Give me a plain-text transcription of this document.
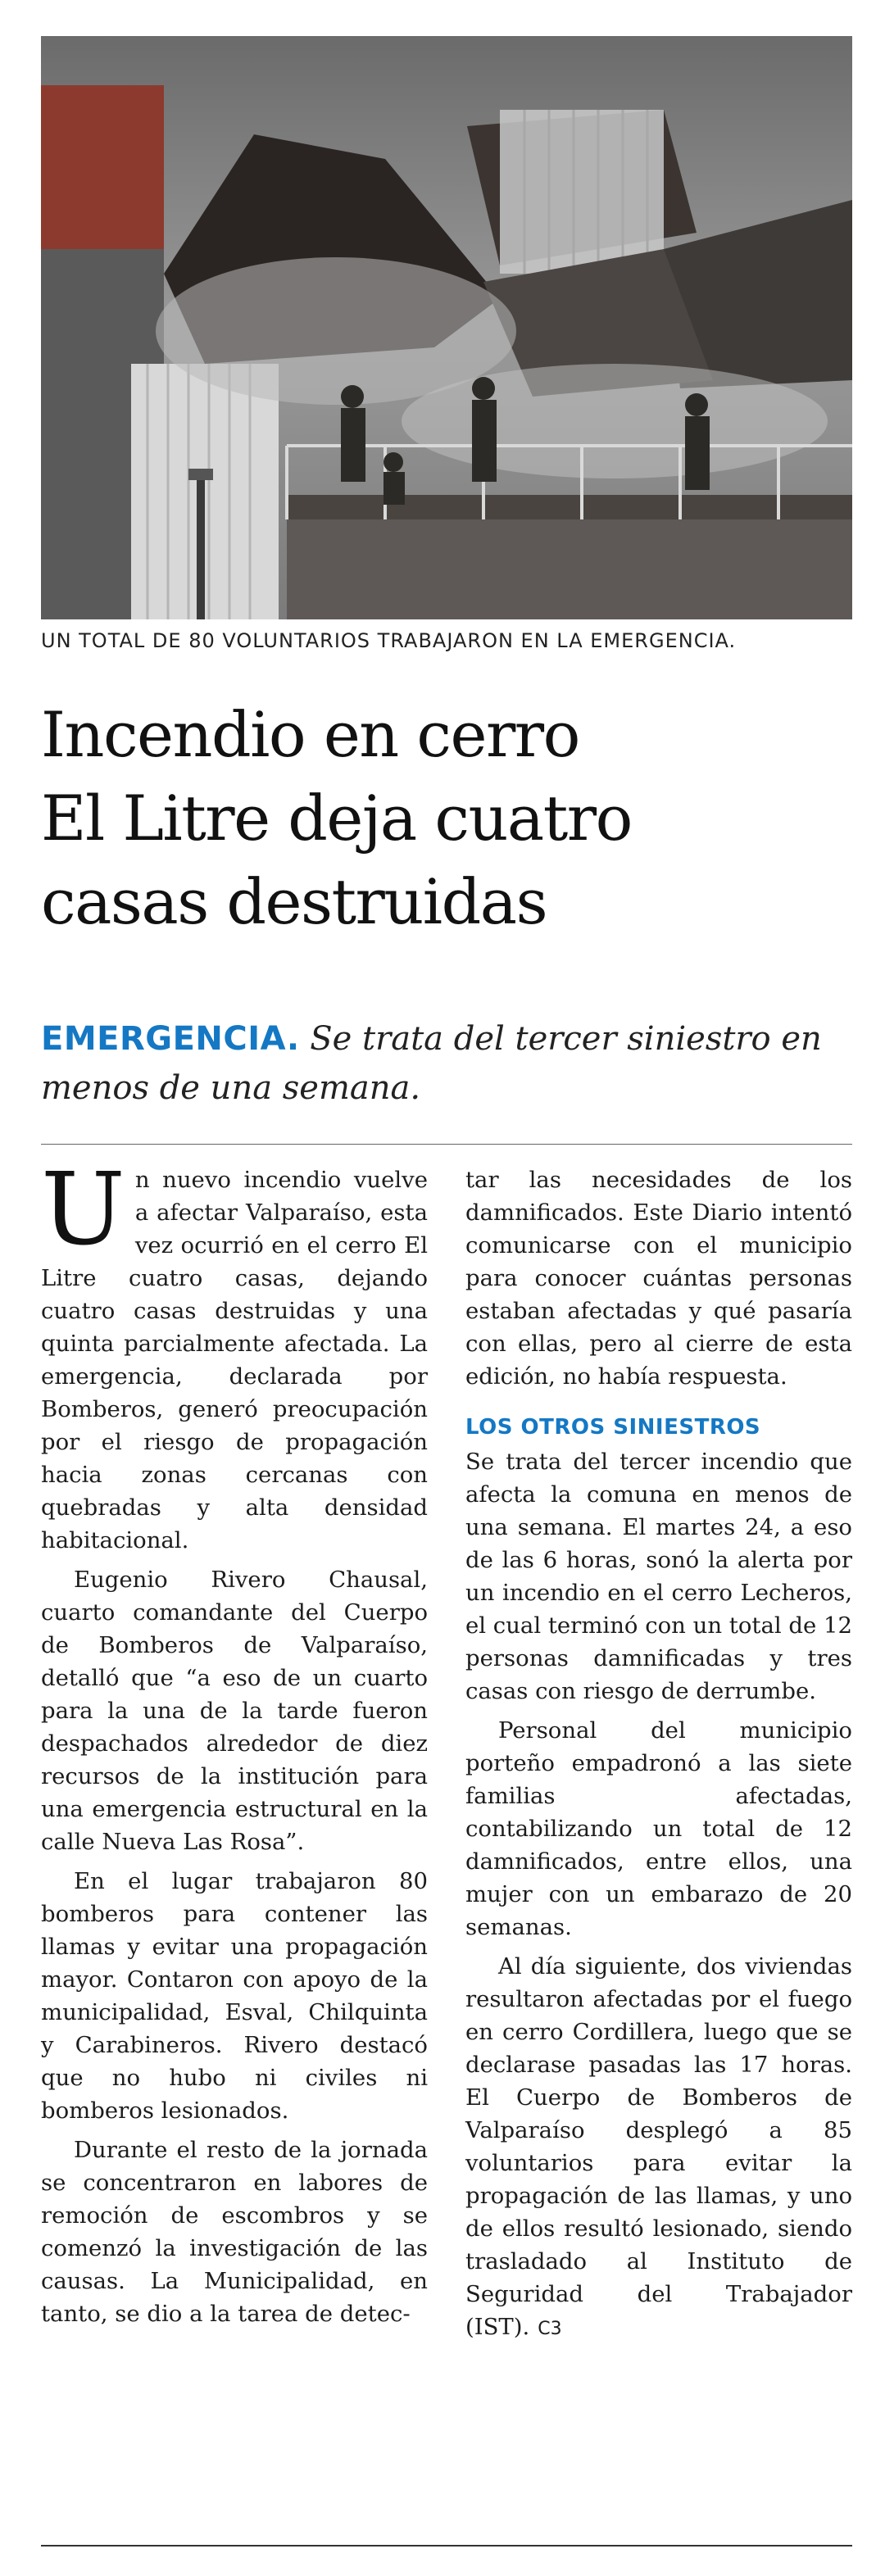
UN TOTAL DE 80 VOLUNTARIOS TRABAJARON EN LA EMERGENCIA.
Incendio en cerro
El Litre deja cuatro
casas destruidas
EMERGENCIA. Se trata del tercer siniestro en menos de una semana.

Un nuevo incendio vuelve a afectar Valparaíso, esta vez ocurrió en el cerro El Litre cuatro casas, dejando cuatro casas destruidas y una quinta parcialmente afectada. La emergencia, declarada por Bomberos, generó preocupación por el riesgo de propagación hacia zonas cercanas con quebradas y alta densidad habitacional.

Eugenio Rivero Chausal, cuarto comandante del Cuerpo de Bomberos de Valparaíso, detalló que “a eso de un cuarto para la una de la tarde fueron despachados alrededor de diez recursos de la institución para una emergencia estructural en la calle Nueva Las Rosa”.

En el lugar trabajaron 80 bomberos para contener las llamas y evitar una propagación mayor. Contaron con apoyo de la municipalidad, Esval, Chilquinta y Carabineros. Rivero destacó que no hubo ni civiles ni bomberos lesionados.

Durante el resto de la jornada se concentraron en labores de remoción de escombros y se comenzó la investigación de las causas. La Municipalidad, en tanto, se dio a la tarea de detec-

tar las necesidades de los damnificados. Este Diario intentó comunicarse con el municipio para conocer cuántas personas estaban afectadas y qué pasaría con ellas, pero al cierre de esta edición, no había respuesta.

LOS OTROS SINIESTROS

Se trata del tercer incendio que afecta la comuna en menos de una semana. El martes 24, a eso de las 6 horas, sonó la alerta por un incendio en el cerro Lecheros, el cual terminó con un total de 12 personas damnificadas y tres casas con riesgo de derrumbe.

Personal del municipio porteño empadronó a las siete familias afectadas, contabilizando un total de 12 damnificados, entre ellos, una mujer con un embarazo de 20 semanas.

Al día siguiente, dos viviendas resultaron afectadas por el fuego en cerro Cordillera, luego que se declarase pasadas las 17 horas. El Cuerpo de Bomberos de Valparaíso desplegó a 85 voluntarios para evitar la propagación de las llamas, y uno de ellos resultó lesionado, siendo trasladado al Instituto de Seguridad del Trabajador (IST). C3
